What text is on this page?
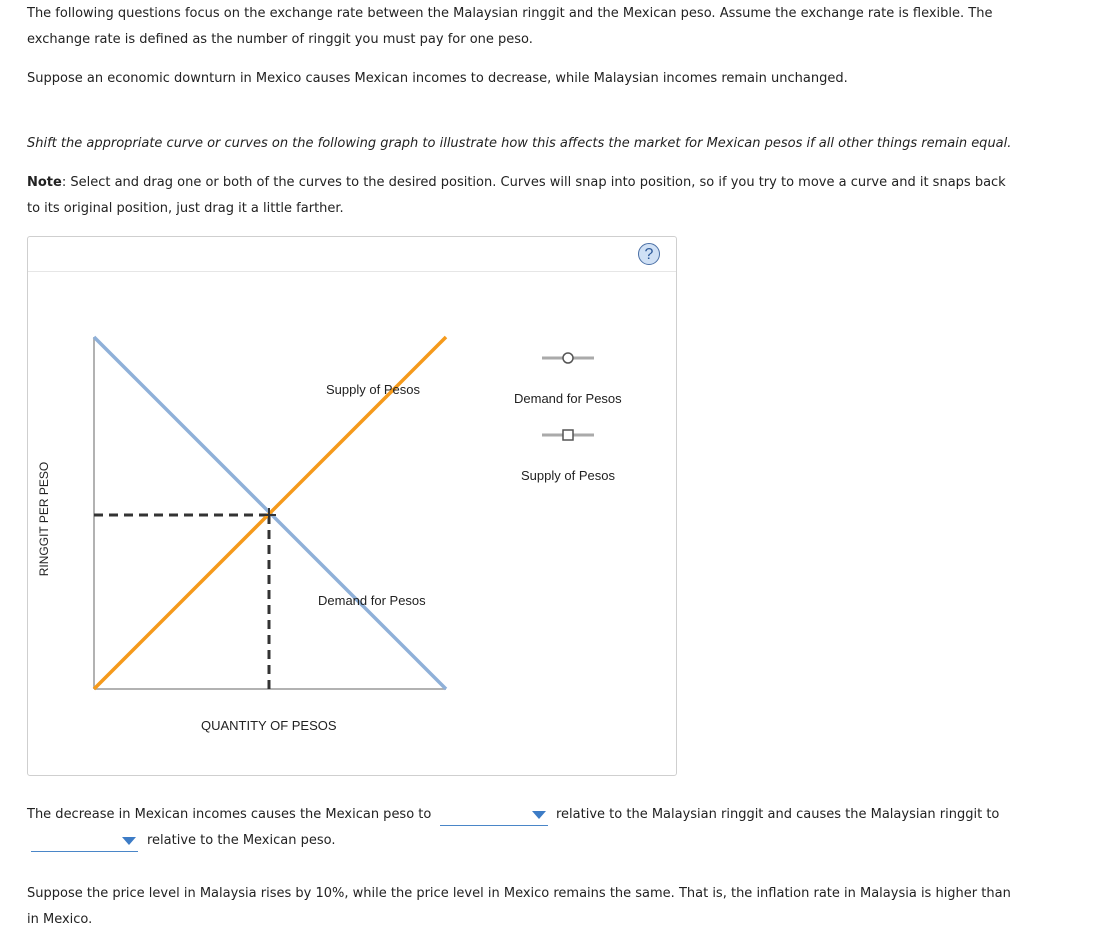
The following questions focus on the exchange rate between the Malaysian ringgit and the Mexican peso. Assume the exchange rate is flexible. The

exchange rate is defined as the number of ringgit you must pay for one peso.

Suppose an economic downturn in Mexico causes Mexican incomes to decrease, while Malaysian incomes remain unchanged.

Shift the appropriate curve or curves on the following graph to illustrate how this affects the market for Mexican pesos if all other things remain equal.

Note: Select and drag one or both of the curves to the desired position. Curves will snap into position, so if you try to move a curve and it snaps back

to its original position, just drag it a little farther.

?
Supply of Pesos
Demand for Pesos
QUANTITY OF PESOS
RINGGIT PER PESO
Demand for Pesos
Supply of Pesos

The decrease in Mexican incomes causes the Mexican peso to	relative to the Malaysian ringgit and causes the Malaysian ringgit to

relative to the Mexican peso.

Suppose the price level in Malaysia rises by 10%, while the price level in Mexico remains the same. That is, the inflation rate in Malaysia is higher than

in Mexico.
